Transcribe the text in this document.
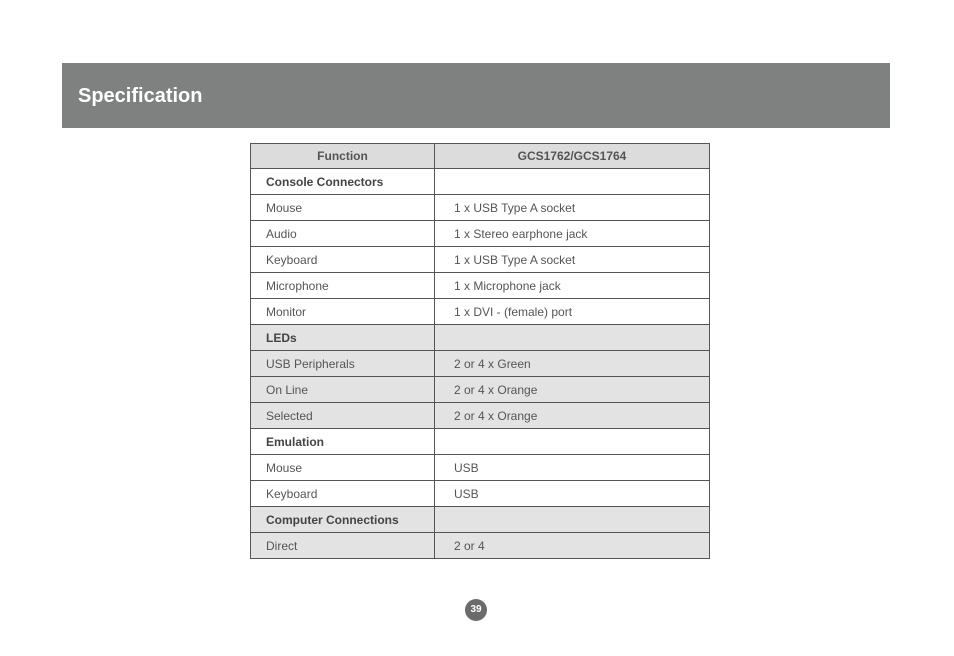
Specification
Function	GCS1762/GCS1764
Console Connectors	
Mouse	1 x USB Type A socket
Audio	1 x Stereo earphone jack
Keyboard	1 x USB Type A socket
Microphone	1 x Microphone jack
Monitor	1 x DVI - (female) port
LEDs	
USB Peripherals	2 or 4 x Green
On Line	2 or 4 x Orange
Selected	2 or 4 x Orange
Emulation	
Mouse	USB
Keyboard	USB
Computer Connections	
Direct	2 or 4
39
